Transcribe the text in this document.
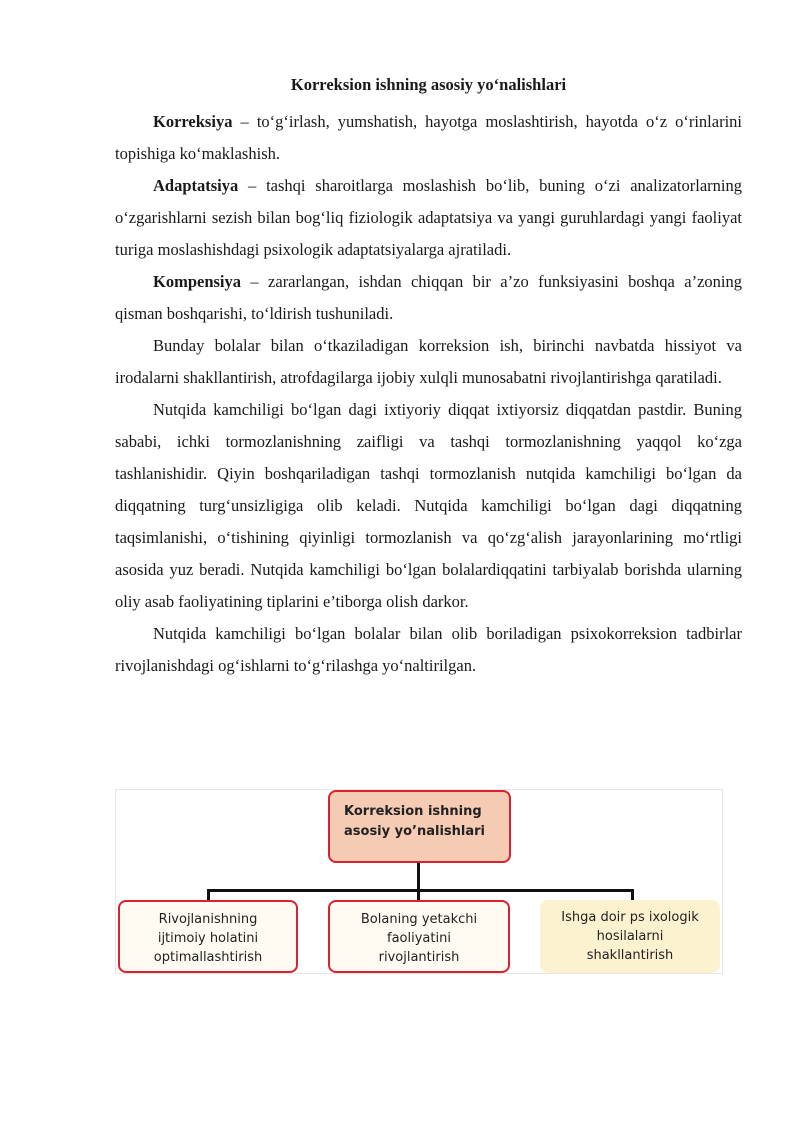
Korreksion ishning asosiy yo‘nalishlari

Korreksiya – to‘g‘irlash, yumshatish, hayotga moslashtirish, hayotda o‘z o‘rinlarini topishiga ko‘maklashish.

Adaptatsiya – tashqi sharoitlarga moslashish bo‘lib, buning o‘zi analizatorlarning o‘zgarishlarni sezish bilan bog‘liq fiziologik adaptatsiya va yangi guruhlardagi yangi faoliyat turiga moslashishdagi psixologik adaptatsiyalarga ajratiladi.

Kompensiya – zararlangan, ishdan chiqqan bir a’zo funksiyasini boshqa a’zoning qisman boshqarishi, to‘ldirish tushuniladi.

Bunday bolalar bilan o‘tkaziladigan korreksion ish, birinchi navbatda hissiyot va irodalarni shakllantirish, atrofdagilarga ijobiy xulqli munosabatni rivojlantirishga qaratiladi.

Nutqida kamchiligi bo‘lgan dagi ixtiyoriy diqqat ixtiyorsiz diqqatdan pastdir. Buning sababi, ichki tormozlanishning zaifligi va tashqi tormozlanishning yaqqol ko‘zga tashlanishidir. Qiyin boshqariladigan tashqi tormozlanish nutqida kamchiligi bo‘lgan da diqqatning turg‘unsizligiga olib keladi. Nutqida kamchiligi bo‘lgan dagi diqqatning taqsimlanishi, o‘tishining qiyinligi tormozlanish va qo‘zg‘alish jarayonlarining mo‘rtligi asosida yuz beradi. Nutqida kamchiligi bo‘lgan bolalardiqqatini tarbiyalab borishda ularning oliy asab faoliyatining tiplarini e’tiborga olish darkor.

Nutqida kamchiligi bo‘lgan bolalar bilan olib boriladigan psixokorreksion tadbirlar rivojlanishdagi og‘ishlarni to‘g‘rilashga yo‘naltirilgan.

Korreksion ishning
asosiy yo’nalishlari
Rivojlanishning
ijtimoiy holatini
optimallashtirish
Bolaning yetakchi
faoliyatini
rivojlantirish
Ishga doir ps ixologik
hosilalarni
shakllantirish
